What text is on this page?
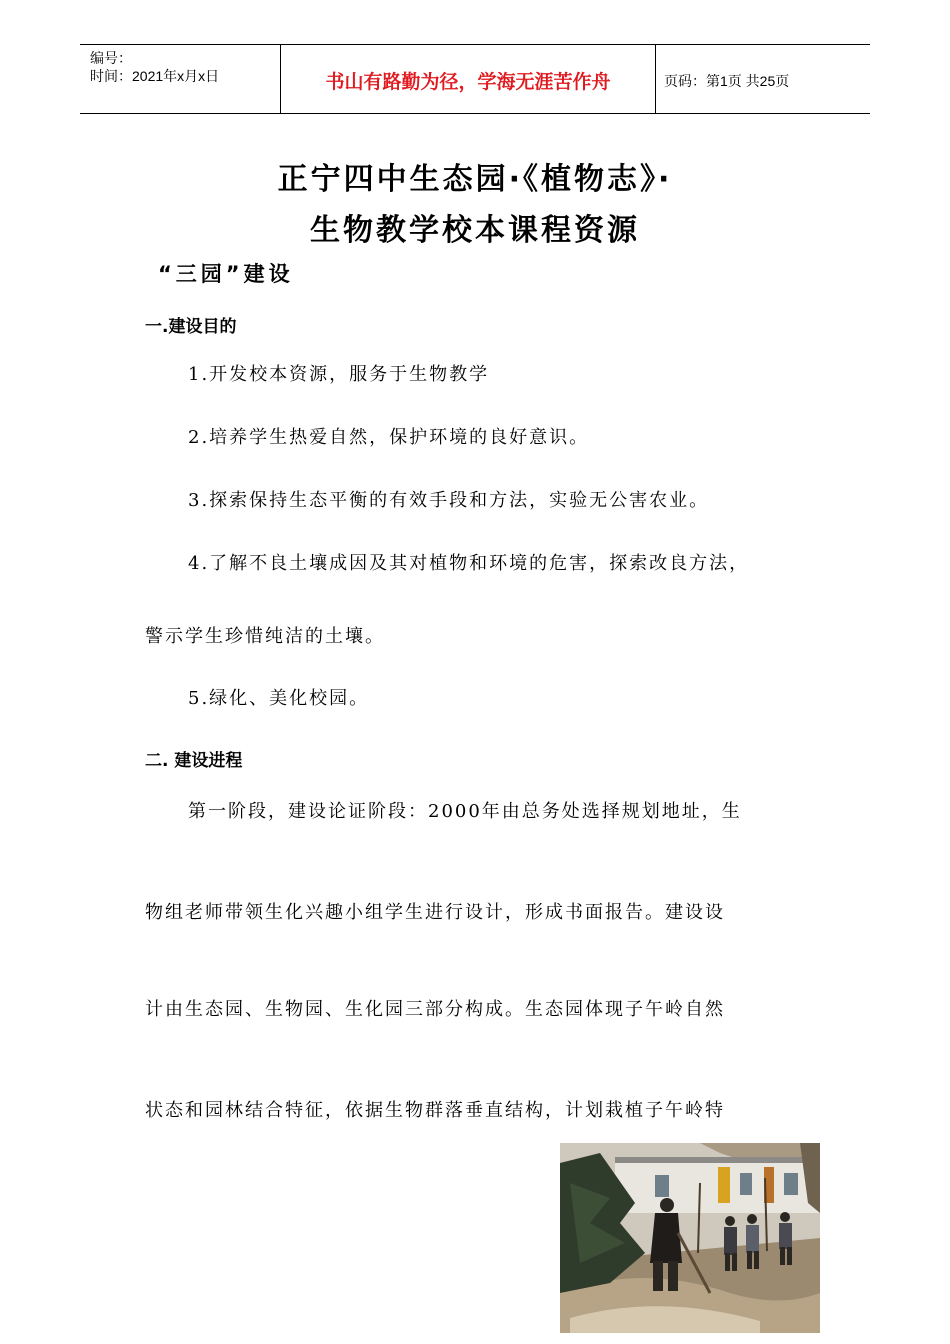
编号：
时间：2021年x月x日	书山有路勤为径，学海无涯苦作舟	页码：第1页 共25页
正宁四中生态园·《植物志》·
生物教学校本课程资源
“三园”建设
一.建设目的
1.开发校本资源，服务于生物教学
2.培养学生热爱自然，保护环境的良好意识。
3.探索保持生态平衡的有效手段和方法，实验无公害农业。
4.了解不良土壤成因及其对植物和环境的危害，探索改良方法，
警示学生珍惜纯洁的土壤。
5.绿化、美化校园。
二. 建设进程
第一阶段，建设论证阶段：2000年由总务处选择规划地址，生
物组老师带领生化兴趣小组学生进行设计，形成书面报告。建设设
计由生态园、生物园、生化园三部分构成。生态园体现子午岭自然
状态和园林结合特征，依据生物群落垂直结构，计划栽植子午岭特
